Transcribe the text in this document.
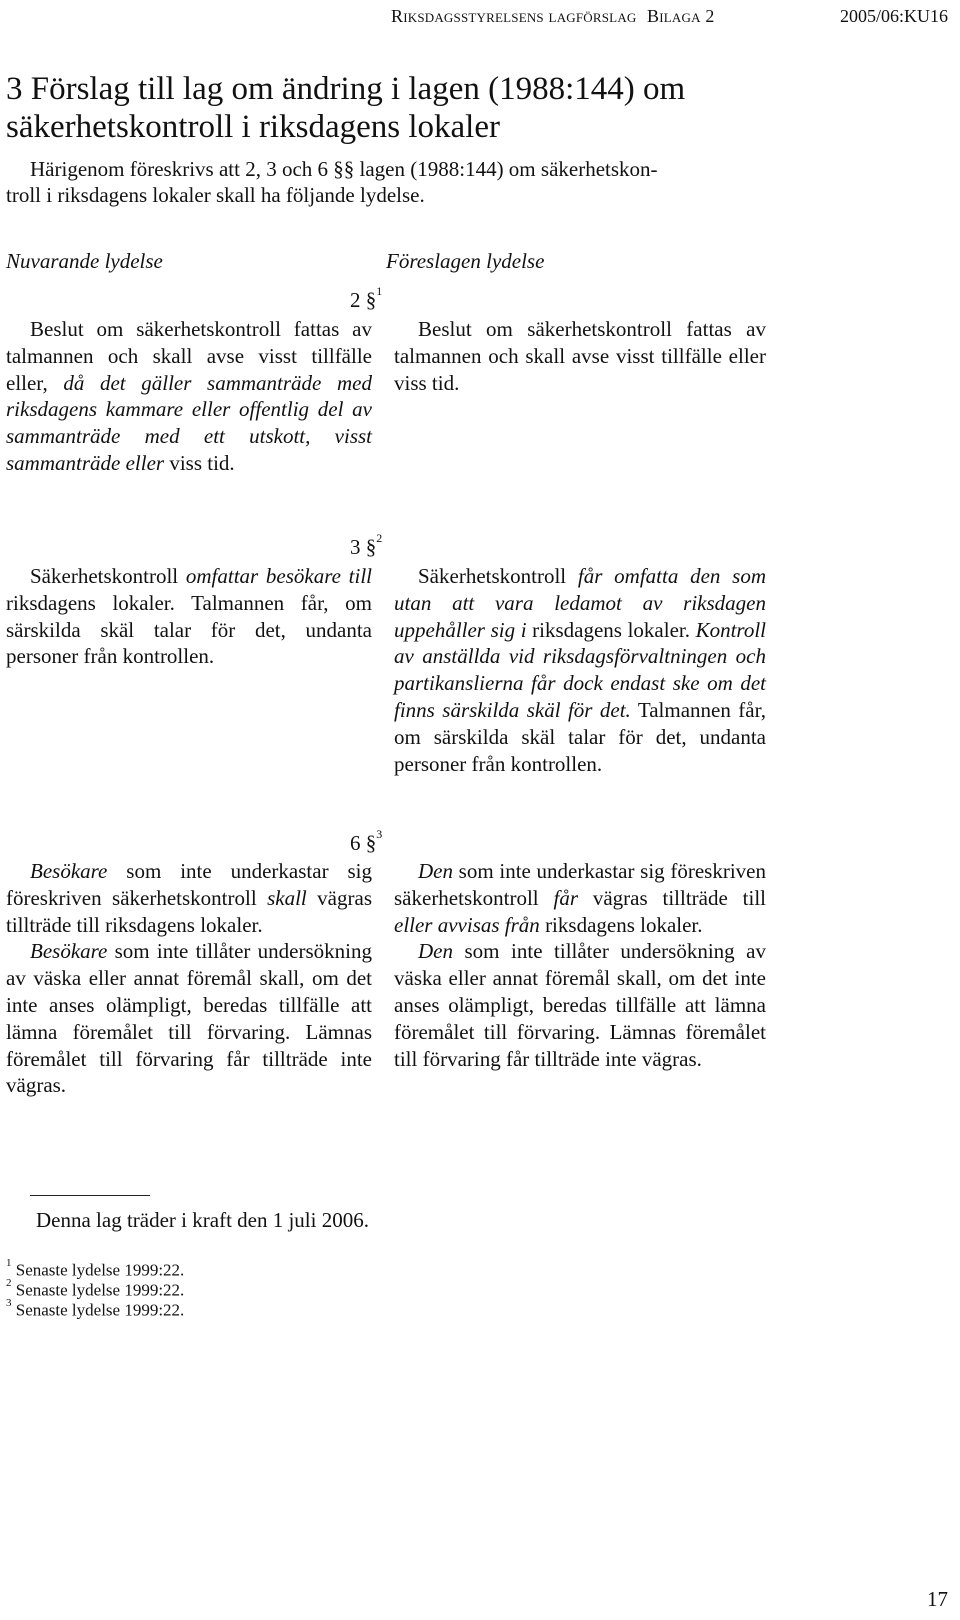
Riksdagsstyrelsens lagförslag Bilaga 2	2005/06:KU16
3 Förslag till lag om ändring i lagen (1988:144) om
säkerhetskontroll i riksdagens lokaler
Härigenom föreskrivs att 2, 3 och 6 §§ lagen (1988:144) om säkerhetskon-
troll i riksdagens lokaler skall ha följande lydelse.
Nuvarande lydelse	Föreslagen lydelse
2 §$^1$

Beslut om säkerhetskontroll fattas av talmannen och skall avse visst tillfälle eller, då det gäller sammanträde med riksdagens kammare eller offentlig del av sammanträde med ett utskott, visst sammanträde eller viss tid.

Beslut om säkerhetskontroll fattas av talmannen och skall avse visst tillfälle eller viss tid.

3 §$^2$

Säkerhetskontroll omfattar besökare till riksdagens lokaler. Talmannen får, om särskilda skäl talar för det, undanta personer från kontrollen.

Säkerhetskontroll får omfatta den som utan att vara ledamot av riksdagen uppehåller sig i riksdagens lokaler. Kontroll av anställda vid riksdagsförvaltningen och partikanslierna får dock endast ske om det finns särskilda skäl för det. Talmannen får, om särskilda skäl talar för det, undanta personer från kontrollen.

6 §$^3$

Besökare som inte underkastar sig föreskriven säkerhetskontroll skall vägras tillträde till riksdagens lokaler.

Besökare som inte tillåter undersökning av väska eller annat föremål skall, om det inte anses olämpligt, beredas tillfälle att lämna föremålet till förvaring. Lämnas föremålet till förvaring får tillträde inte vägras.

Den som inte underkastar sig föreskriven säkerhetskontroll får vägras tillträde till eller avvisas från riksdagens lokaler.

Den som inte tillåter undersökning av väska eller annat föremål skall, om det inte anses olämpligt, beredas tillfälle att lämna föremålet till förvaring. Lämnas föremålet till förvaring får tillträde inte vägras.

Denna lag träder i kraft den 1 juli 2006.
$^1$ Senaste lydelse 1999:22.
$^2$ Senaste lydelse 1999:22.
$^3$ Senaste lydelse 1999:22.
17
